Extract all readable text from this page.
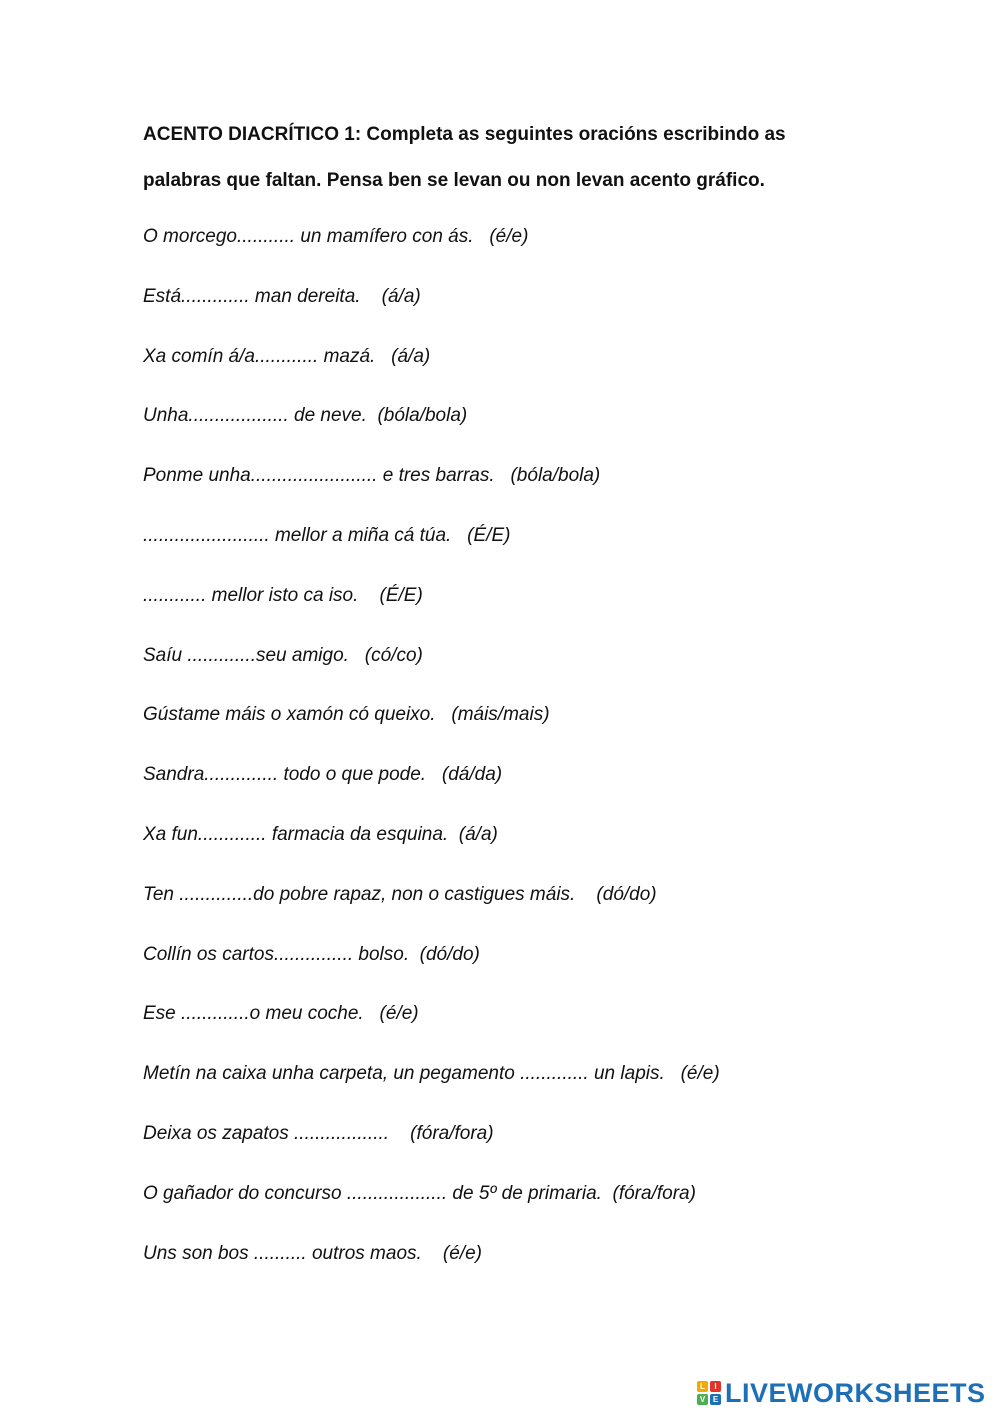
ACENTO DIACRÍTICO 1: Completa as seguintes oracións escribindo as palabras que faltan. Pensa ben se levan ou non levan acento gráfico.
O morcego........... un mamífero con ás.   (é/e)
Está............. man dereita.    (á/a)
Xa comín á/a............ mazá.   (á/a)
Unha................... de neve.  (bóla/bola)
Ponme unha........................ e tres barras.   (bóla/bola)
........................ mellor a miña cá túa.   (É/E)
............ mellor isto ca iso.    (É/E)
Saíu .............seu amigo.   (có/co)
Gústame máis o xamón có queixo.   (máis/mais)
Sandra.............. todo o que pode.   (dá/da)
Xa fun............. farmacia da esquina.  (á/a)
Ten ..............do pobre rapaz, non o castigues máis.    (dó/do)
Collín os cartos............... bolso.  (dó/do)
Ese .............o meu coche.   (é/e)
Metín na caixa unha carpeta, un pegamento ............. un lapis.   (é/e)
Deixa os zapatos ..................    (fóra/fora)
O gañador do concurso ................... de 5º de primaria.  (fóra/fora)
Uns son bos .......... outros maos.    (é/e)
L	I
V E LIVEWORKSHEETS
